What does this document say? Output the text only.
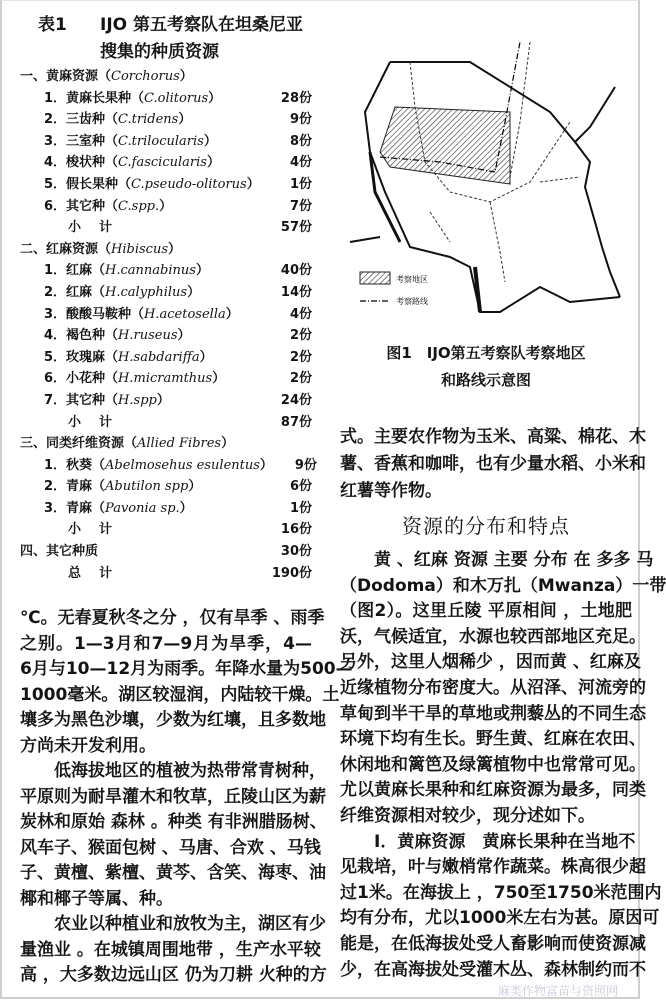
表1	IJO 第五考察队在坦桑尼亚
搜集的种质资源
一、黄麻资源（Corchorus）
1．黄麻长果种（C.olitorus）	28份
2．三齿种（C.tridens）	9份
3．三室种（C.trilocularis）	8份
4．梭状种（C.fascicularis）	4份
5．假长果种（C.pseudo-olitorus）	1份
6．其它种（C.spp.）	7份
小计	57份
二、红麻资源（Hibiscus）
1．红麻（H.cannabinus）	40份
2．红麻（H.calyphilus）	14份
3．酸酸马鞍种（H.acetosella）	4份
4．褐色种（H.ruseus）	2份
5．玫瑰麻（H.sabdariffa）	2份
6．小花种（H.micramthus）	2份
7．其它种（H.spp）	24份
小计	87份
三、同类纤维资源（Allied Fibres）
1．秋葵（Abelmosehus esulentus）	9份
2．青麻（Abutilon spp）	6份
3．青麻（Pavonia sp.）	1份
小计	16份
四、其它种质	30份
总计	190份
℃。无春夏秋冬之分 ，仅有旱季 、雨季
之别。1—3月和7—9月为旱季，4—
6月与10—12月为雨季。年降水量为500—
1000毫米。湖区较湿润，内陆较干燥。土
壤多为黑色沙壤，少数为红壤，且多数地
方尚未开发利用。
　　低海拔地区的植被为热带常青树种，
平原则为耐旱灌木和牧草，丘陵山区为薪
炭林和原始 森林 。种类 有非洲腊肠树、
风车子、猴面包树 、马唐、合欢 、马钱
子、黄檀、紫檀、黄芩、含笑、海枣、油
椰和椰子等属、种。
　　农业以种植业和放牧为主，湖区有少
量渔业 。在城镇周围地带 ，生产水平较
高 ，大多数边远山区 仍为刀耕 火种的方
考察地区
考察路线
图1　IJO第五考察队考察地区
和路线示意图
式。主要农作物为玉米、高粱、棉花、木
薯、香蕉和咖啡，也有少量水稻、小米和
红薯等作物。
资源的分布和特点
　　黄 、红麻 资源 主要 分布 在 多多 马
（Dodoma）和木万扎（Mwanza）一带
（图2）。这里丘陵 平原相间 ，土地肥
沃，气候适宜，水源也较西部地区充足。
另外，这里人烟稀少 ，因而黄 、红麻及
近缘植物分布密度大。从沼泽、河流旁的
草甸到半干旱的草地或荆藜丛的不同生态
环境下均有生长。野生黄、红麻在农田、
休闲地和篱笆及绿篱植物中也常常可见。
尤以黄麻长果种和红麻资源为最多，同类
纤维资源相对较少，现分述如下。
　　Ⅰ．黄麻资源　黄麻长果种在当地不
见栽培，叶与嫩梢常作蔬菜。株高很少超
过1米。在海拔上 ，750至1750米范围内
均有分布，尤以1000米左右为甚。原因可
能是，在低海拔处受人畜影响而使资源减
少，在高海拔处受灌木丛、森林制约而不
麻类作物富苗与资照网
